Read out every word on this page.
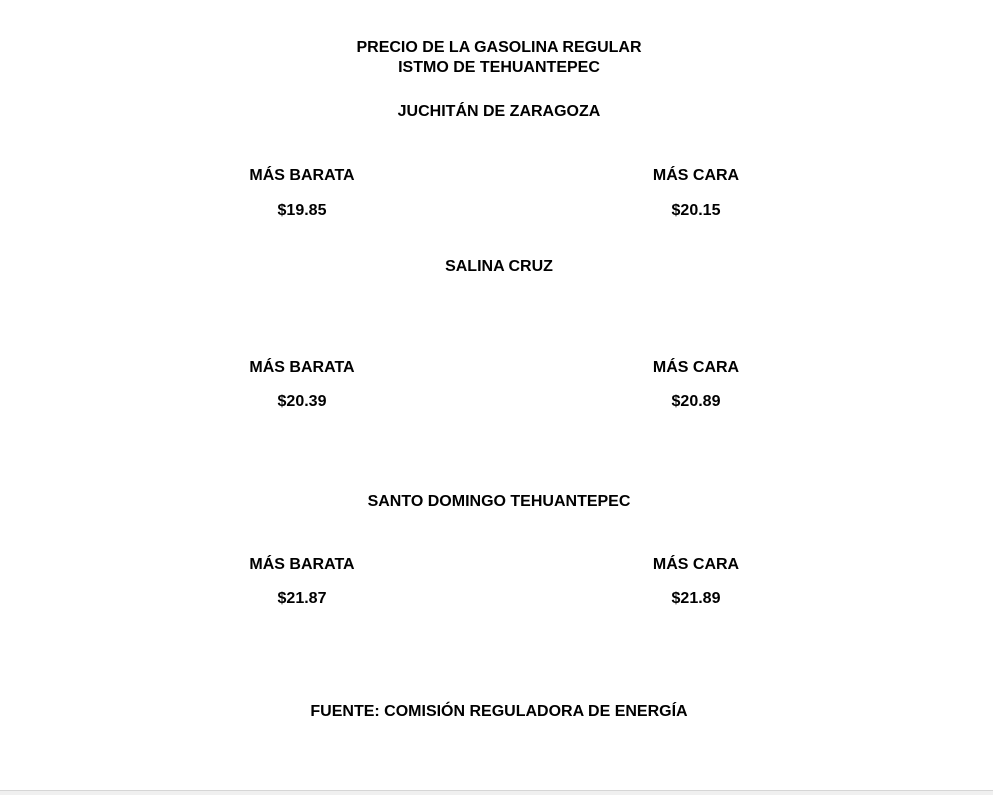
PRECIO DE LA GASOLINA REGULAR
ISTMO DE TEHUANTEPEC
JUCHITÁN DE ZARAGOZA
MÁS BARATA	MÁS CARA
$19.85	$20.15
SALINA CRUZ
MÁS BARATA	MÁS CARA
$20.39	$20.89
SANTO DOMINGO TEHUANTEPEC
MÁS BARATA	MÁS CARA
$21.87	$21.89
FUENTE: COMISIÓN REGULADORA DE ENERGÍA
